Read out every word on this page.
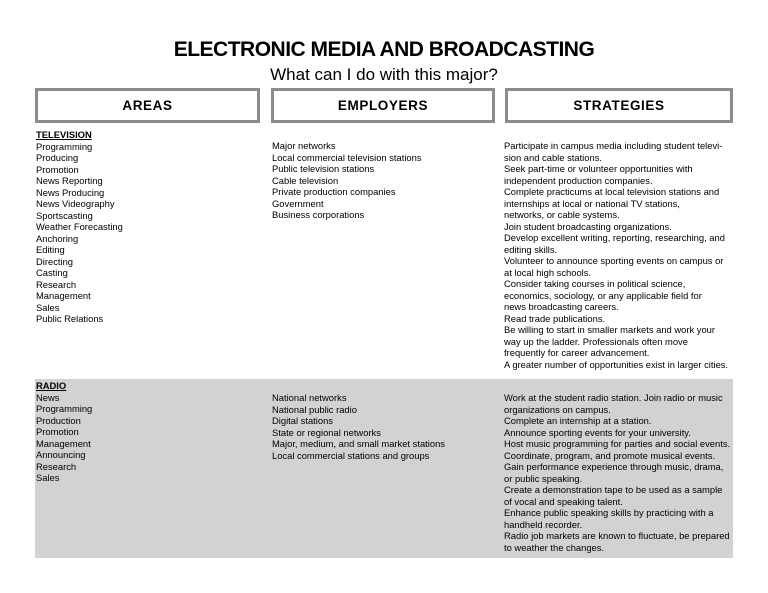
ELECTRONIC MEDIA AND BROADCASTING
What can I do with this major?
AREAS	EMPLOYERS	STRATEGIES
TELEVISION
Programming
Producing
Promotion
News Reporting
News Producing
News Videography
Sportscasting
Weather Forecasting
Anchoring
Editing
Directing
Casting
Research
Management
Sales
Public Relations
Major networks
Local commercial television stations
Public television stations
Cable television
Private production companies
Government
Business corporations
Participate in campus media including student televi-
sion and cable stations.
Seek part-time or volunteer opportunities with
independent production companies.
Complete practicums at local television stations and
internships at local or national TV stations,
networks, or cable systems.
Join student broadcasting organizations.
Develop excellent writing, reporting, researching, and
editing skills.
Volunteer to announce sporting events on campus or
at local high schools.
Consider taking courses in political science,
economics, sociology, or any applicable field for
news broadcasting careers.
Read trade publications.
Be willing to start in smaller markets and work your
way up the ladder. Professionals often move
frequently for career advancement.
A greater number of opportunities exist in larger cities.
RADIO
News
Programming
Production
Promotion
Management
Announcing
Research
Sales
National networks
National public radio
Digital stations
State or regional networks
Major, medium, and small market stations
Local commercial stations and groups
Work at the student radio station. Join radio or music
organizations on campus.
Complete an internship at a station.
Announce sporting events for your university.
Host music programming for parties and social events.
Coordinate, program, and promote musical events.
Gain performance experience through music, drama,
or public speaking.
Create a demonstration tape to be used as a sample
of vocal and speaking talent.
Enhance public speaking skills by practicing with a
handheld recorder.
Radio job markets are known to fluctuate, be prepared
to weather the changes.
